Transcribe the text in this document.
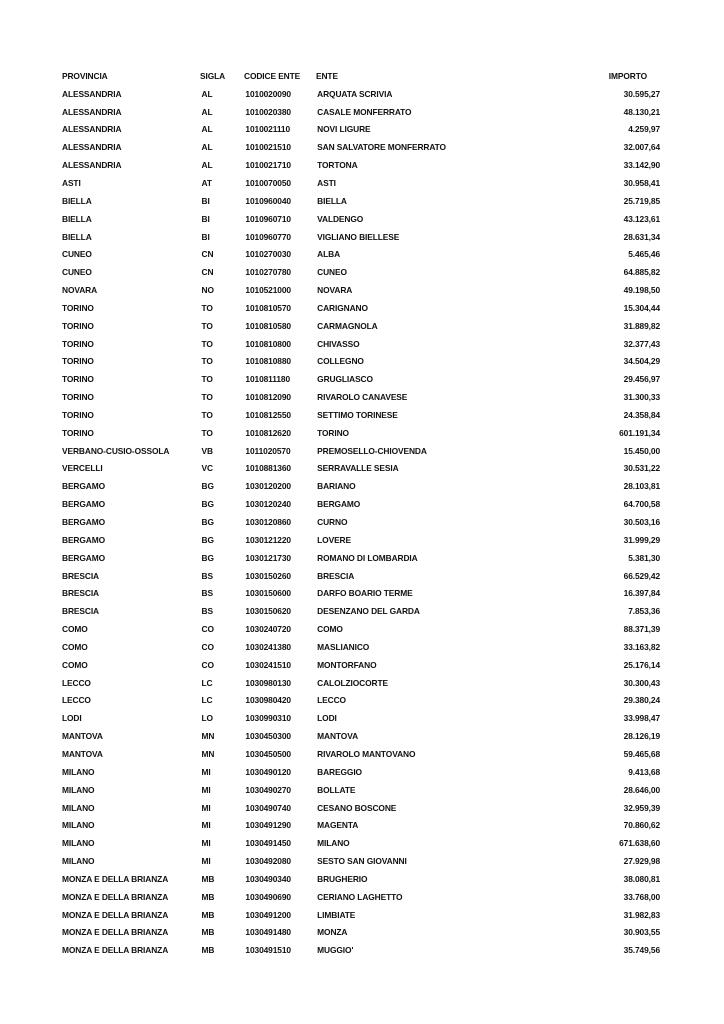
PROVINCIA	SIGLA	CODICE ENTE	ENTE	IMPORTO
ALESSANDRIA	AL	1010020090	ARQUATA SCRIVIA	30.595,27
ALESSANDRIA	AL	1010020380	CASALE MONFERRATO	48.130,21
ALESSANDRIA	AL	1010021110	NOVI LIGURE	4.259,97
ALESSANDRIA	AL	1010021510	SAN SALVATORE MONFERRATO	32.007,64
ALESSANDRIA	AL	1010021710	TORTONA	33.142,90
ASTI	AT	1010070050	ASTI	30.958,41
BIELLA	BI	1010960040	BIELLA	25.719,85
BIELLA	BI	1010960710	VALDENGO	43.123,61
BIELLA	BI	1010960770	VIGLIANO BIELLESE	28.631,34
CUNEO	CN	1010270030	ALBA	5.465,46
CUNEO	CN	1010270780	CUNEO	64.885,82
NOVARA	NO	1010521000	NOVARA	49.198,50
TORINO	TO	1010810570	CARIGNANO	15.304,44
TORINO	TO	1010810580	CARMAGNOLA	31.889,82
TORINO	TO	1010810800	CHIVASSO	32.377,43
TORINO	TO	1010810880	COLLEGNO	34.504,29
TORINO	TO	1010811180	GRUGLIASCO	29.456,97
TORINO	TO	1010812090	RIVAROLO CANAVESE	31.300,33
TORINO	TO	1010812550	SETTIMO TORINESE	24.358,84
TORINO	TO	1010812620	TORINO	601.191,34
VERBANO-CUSIO-OSSOLA	VB	1011020570	PREMOSELLO-CHIOVENDA	15.450,00
VERCELLI	VC	1010881360	SERRAVALLE SESIA	30.531,22
BERGAMO	BG	1030120200	BARIANO	28.103,81
BERGAMO	BG	1030120240	BERGAMO	64.700,58
BERGAMO	BG	1030120860	CURNO	30.503,16
BERGAMO	BG	1030121220	LOVERE	31.999,29
BERGAMO	BG	1030121730	ROMANO DI LOMBARDIA	5.381,30
BRESCIA	BS	1030150260	BRESCIA	66.529,42
BRESCIA	BS	1030150600	DARFO BOARIO TERME	16.397,84
BRESCIA	BS	1030150620	DESENZANO DEL GARDA	7.853,36
COMO	CO	1030240720	COMO	88.371,39
COMO	CO	1030241380	MASLIANICO	33.163,82
COMO	CO	1030241510	MONTORFANO	25.176,14
LECCO	LC	1030980130	CALOLZIOCORTE	30.300,43
LECCO	LC	1030980420	LECCO	29.380,24
LODI	LO	1030990310	LODI	33.998,47
MANTOVA	MN	1030450300	MANTOVA	28.126,19
MANTOVA	MN	1030450500	RIVAROLO MANTOVANO	59.465,68
MILANO	MI	1030490120	BAREGGIO	9.413,68
MILANO	MI	1030490270	BOLLATE	28.646,00
MILANO	MI	1030490740	CESANO BOSCONE	32.959,39
MILANO	MI	1030491290	MAGENTA	70.860,62
MILANO	MI	1030491450	MILANO	671.638,60
MILANO	MI	1030492080	SESTO SAN GIOVANNI	27.929,98
MONZA E DELLA BRIANZA	MB	1030490340	BRUGHERIO	38.080,81
MONZA E DELLA BRIANZA	MB	1030490690	CERIANO LAGHETTO	33.768,00
MONZA E DELLA BRIANZA	MB	1030491200	LIMBIATE	31.982,83
MONZA E DELLA BRIANZA	MB	1030491480	MONZA	30.903,55
MONZA E DELLA BRIANZA	MB	1030491510	MUGGIO'	35.749,56
